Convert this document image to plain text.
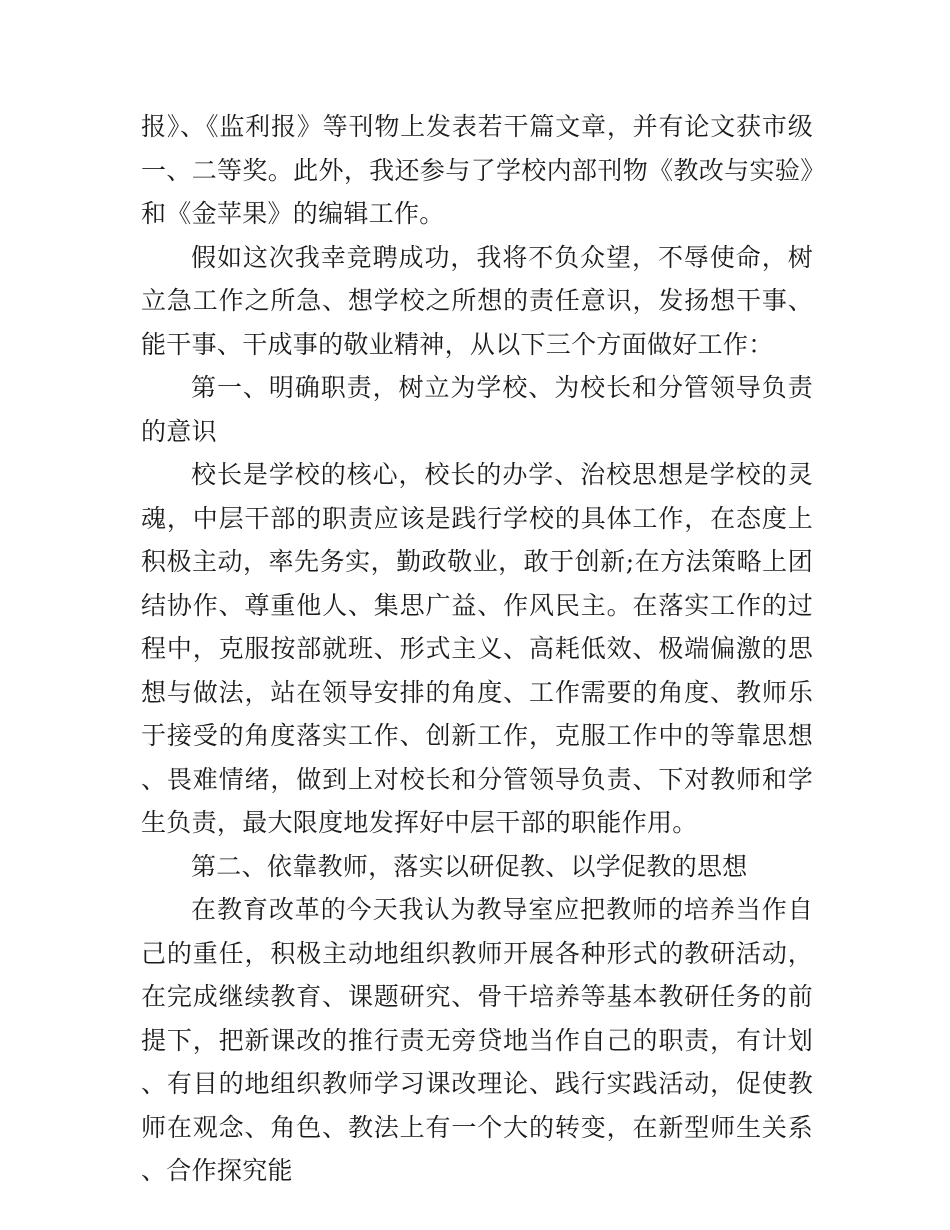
报》、《监利报》等刊物上发表若干篇文章，并有论文获市级一、二等奖。此外，我还参与了学校内部刊物《教改与实验》和《金苹果》的编辑工作。

假如这次我幸竞聘成功，我将不负众望，不辱使命，树立急工作之所急、想学校之所想的责任意识，发扬想干事、能干事、干成事的敬业精神，从以下三个方面做好工作：

第一、明确职责，树立为学校、为校长和分管领导负责的意识

校长是学校的核心，校长的办学、治校思想是学校的灵魂，中层干部的职责应该是践行学校的具体工作，在态度上积极主动，率先务实，勤政敬业，敢于创新;在方法策略上团结协作、尊重他人、集思广益、作风民主。在落实工作的过程中，克服按部就班、形式主义、高耗低效、极端偏激的思想与做法，站在领导安排的角度、工作需要的角度、教师乐于接受的角度落实工作、创新工作，克服工作中的等靠思想、畏难情绪，做到上对校长和分管领导负责、下对教师和学生负责，最大限度地发挥好中层干部的职能作用。

第二、依靠教师，落实以研促教、以学促教的思想

在教育改革的今天我认为教导室应把教师的培养当作自己的重任，积极主动地组织教师开展各种形式的教研活动，在完成继续教育、课题研究、骨干培养等基本教研任务的前提下，把新课改的推行责无旁贷地当作自己的职责，有计划、有目的地组织教师学习课改理论、践行实践活动，促使教师在观念、角色、教法上有一个大的转变，在新型师生关系、合作探究能
